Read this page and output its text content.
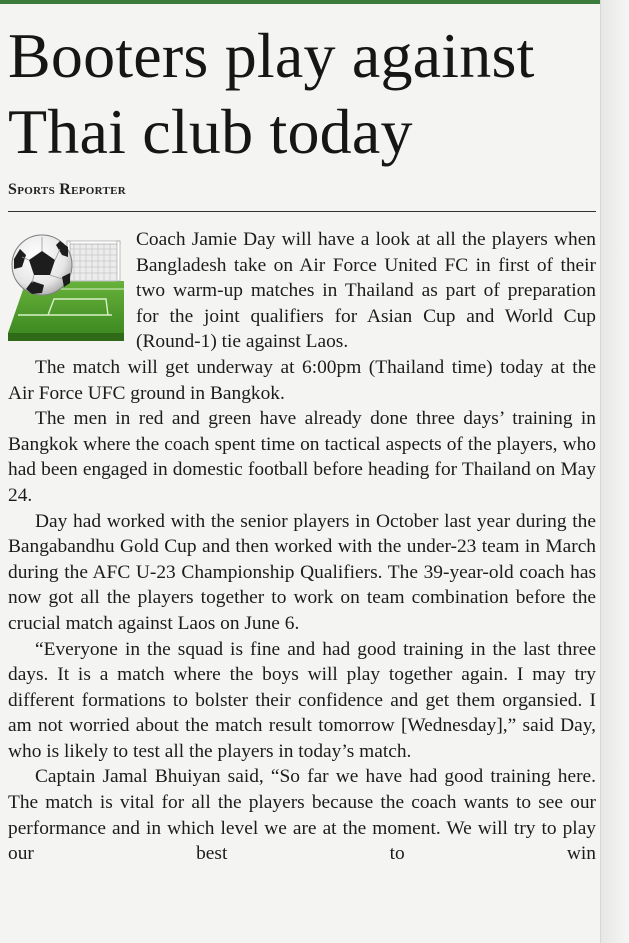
Booters play against Thai club today
Sports Reporter

Coach Jamie Day will have a look at all the players when Bangladesh take on Air Force United FC in first of their two warm-up matches in Thailand as part of preparation for the joint qualifiers for Asian Cup and World Cup (Round-1) tie against Laos.

The match will get underway at 6:00pm (Thailand time) today at the Air Force UFC ground in Bangkok.

The men in red and green have already done three days’ training in Bangkok where the coach spent time on tactical aspects of the players, who had been engaged in domestic football before heading for Thailand on May 24.

Day had worked with the senior players in October last year during the Bangabandhu Gold Cup and then worked with the under-23 team in March during the AFC U-23 Championship Qualifiers. The 39-year-old coach has now got all the players together to work on team combination before the crucial match against Laos on June 6.

“Everyone in the squad is fine and had good training in the last three days. It is a match where the boys will play together again. I may try different formations to bolster their confidence and get them organsied. I am not worried about the match result tomorrow [Wednesday],” said Day, who is likely to test all the players in today’s match.

Captain Jamal Bhuiyan said, “So far we have had good training here. The match is vital for all the players because the coach wants to see our performance and in which level we are at the moment. We will try to play our best to win
